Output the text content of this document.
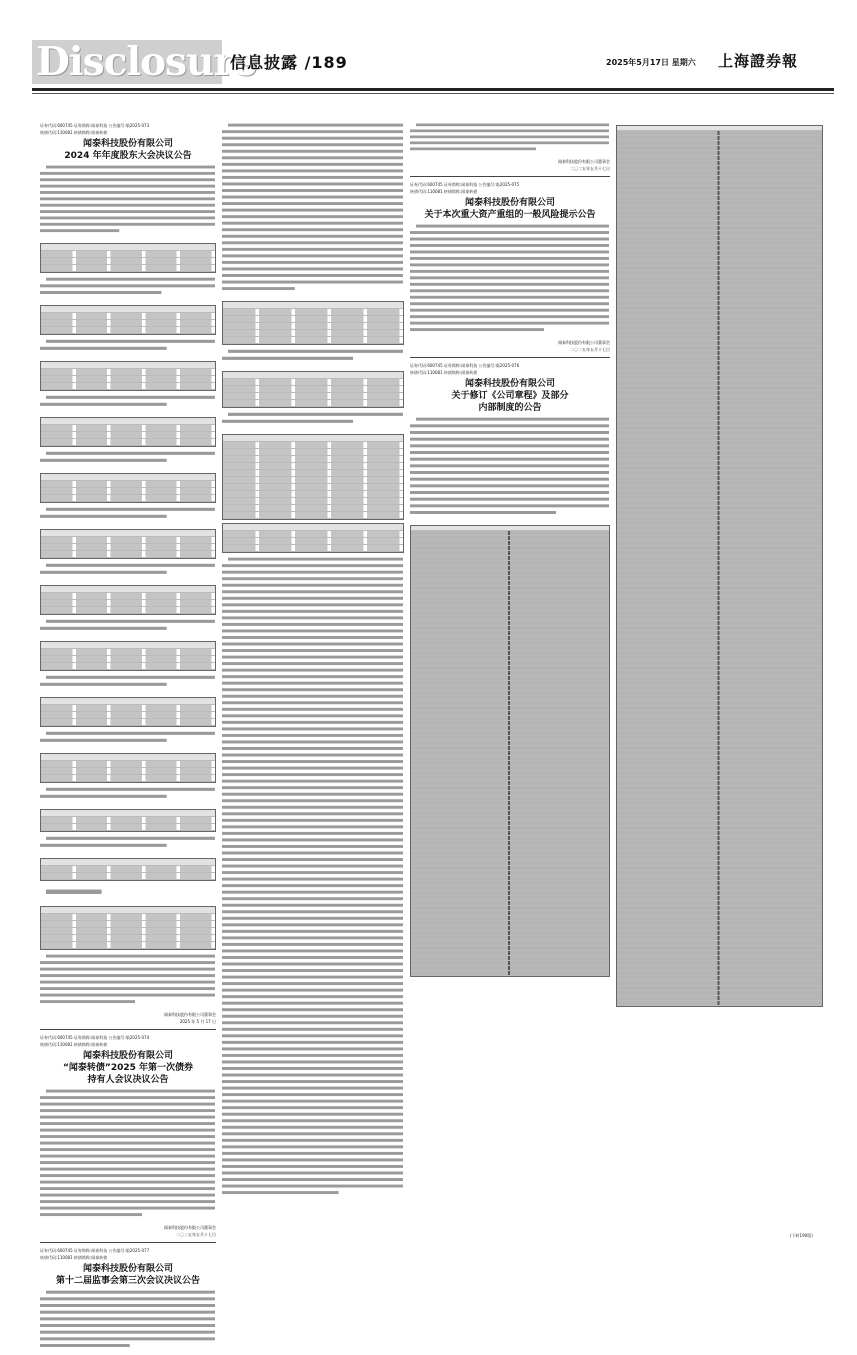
Disclosure
信息披露 /189	2025年5月17日 星期六 上海證券報
证券代码:600745 证券简称:闻泰科技 公告编号:临2025-073
转债代码:110081 转债简称:闻泰转债
闻泰科技股份有限公司
2024 年年度股东大会决议公告
闻泰科技股份有限公司董事会
2025 年 5 月 17 日
证券代码:600745 证券简称:闻泰科技 公告编号:临2025-074
转债代码:110081 转债简称:闻泰转债
闻泰科技股份有限公司
“闻泰转债”2025 年第一次债券
持有人会议决议公告
闻泰科技股份有限公司董事会
二〇二五年五月十七日
证券代码:600745 证券简称:闻泰科技 公告编号:临2025-077
转债代码:110081 转债简称:闻泰转债
闻泰科技股份有限公司
第十二届监事会第三次会议决议公告
闻泰科技股份有限公司董事会
二〇二五年五月十七日
证券代码:600745 证券简称:闻泰科技 公告编号:临2025-075
转债代码:110081 转债简称:闻泰转债
闻泰科技股份有限公司
关于本次重大资产重组的一般风险提示公告
闻泰科技股份有限公司董事会
二〇二五年五月十七日
证券代码:600745 证券简称:闻泰科技 公告编号:临2025-076
转债代码:110081 转债简称:闻泰转债
闻泰科技股份有限公司
关于修订《公司章程》及部分
内部制度的公告
(下转190版)
